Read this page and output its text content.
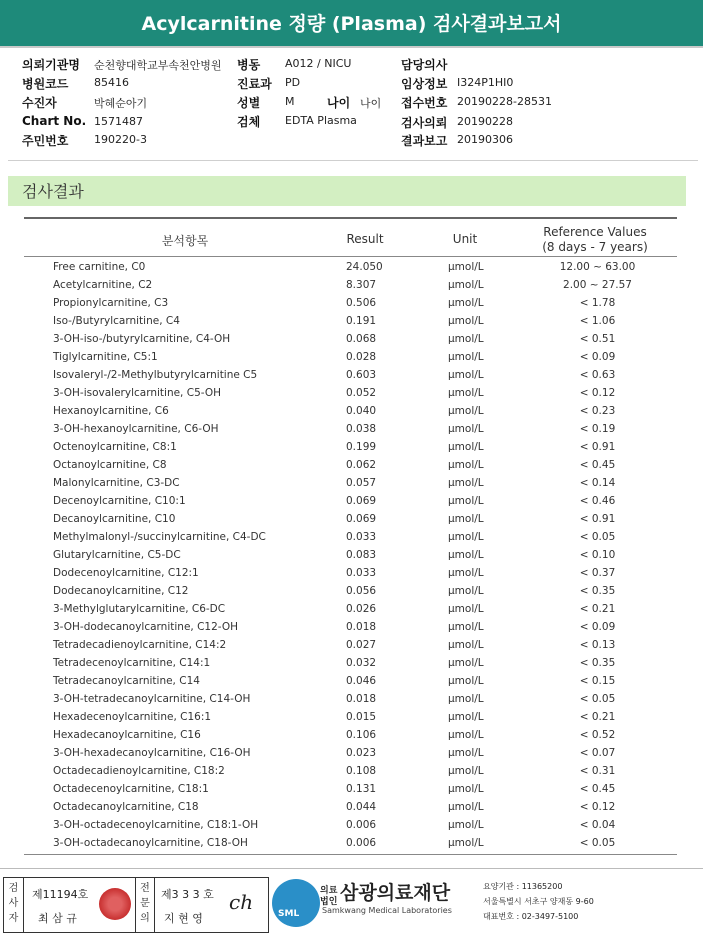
Acylcarnitine 정량 (Plasma) 검사결과보고서
의뢰기관명 순천향대학교부속천안병원 병동 A012 / NICU	담당의사
병원코드 85416	진료과 PD	임상정보 I324P1HI0
수진자	박혜순아기	성별 M	나이 나이 접수번호 20190228-28531
Chart No. 1571487	검체 EDTA Plasma	검사의뢰 20190228
주민번호 190220-3	결과보고 20190306
검사결과
분석항목	Result	Unit	Reference Values
(8 days - 7 years)
Free carnitine, C0	24.050	μmol/L	12.00 ~ 63.00
Acetylcarnitine, C2	8.307	μmol/L	2.00 ~ 27.57
Propionylcarnitine, C3	0.506	μmol/L	< 1.78
Iso-/Butyrylcarnitine, C4	0.191	μmol/L	< 1.06
3-OH-iso-/butyrylcarnitine, C4-OH	0.068	μmol/L	< 0.51
Tiglylcarnitine, C5:1	0.028	μmol/L	< 0.09
Isovaleryl-/2-Methylbutyrylcarnitine C5	0.603	μmol/L	< 0.63
3-OH-isovalerylcarnitine, C5-OH	0.052	μmol/L	< 0.12
Hexanoylcarnitine, C6	0.040	μmol/L	< 0.23
3-OH-hexanoylcarnitine, C6-OH	0.038	μmol/L	< 0.19
Octenoylcarnitine, C8:1	0.199	μmol/L	< 0.91
Octanoylcarnitine, C8	0.062	μmol/L	< 0.45
Malonylcarnitine, C3-DC	0.057	μmol/L	< 0.14
Decenoylcarnitine, C10:1	0.069	μmol/L	< 0.46
Decanoylcarnitine, C10	0.069	μmol/L	< 0.91
Methylmalonyl-/succinylcarnitine, C4-DC	0.033	μmol/L	< 0.05
Glutarylcarnitine, C5-DC	0.083	μmol/L	< 0.10
Dodecenoylcarnitine, C12:1	0.033	μmol/L	< 0.37
Dodecanoylcarnitine, C12	0.056	μmol/L	< 0.35
3-Methylglutarylcarnitine, C6-DC	0.026	μmol/L	< 0.21
3-OH-dodecanoylcarnitine, C12-OH	0.018	μmol/L	< 0.09
Tetradecadienoylcarnitine, C14:2	0.027	μmol/L	< 0.13
Tetradecenoylcarnitine, C14:1	0.032	μmol/L	< 0.35
Tetradecanoylcarnitine, C14	0.046	μmol/L	< 0.15
3-OH-tetradecanoylcarnitine, C14-OH	0.018	μmol/L	< 0.05
Hexadecenoylcarnitine, C16:1	0.015	μmol/L	< 0.21
Hexadecanoylcarnitine, C16	0.106	μmol/L	< 0.52
3-OH-hexadecanoylcarnitine, C16-OH	0.023	μmol/L	< 0.07
Octadecadienoylcarnitine, C18:2	0.108	μmol/L	< 0.31
Octadecenoylcarnitine, C18:1	0.131	μmol/L	< 0.45
Octadecanoylcarnitine, C18	0.044	μmol/L	< 0.12
3-OH-octadecenoylcarnitine, C18:1-OH	0.006	μmol/L	< 0.04
3-OH-octadecanoylcarnitine, C18-OH	0.006	μmol/L	< 0.05
검사자
제11194호
최 삼 규
전문의
제3 3 3 호
지 현 영
ch	SML
의료
법인 삼광의료재단
Samkwang Medical Laboratories
요양기관 : 11365200
서울특별시 서초구 양재동 9-60
대표번호 : 02-3497-5100
